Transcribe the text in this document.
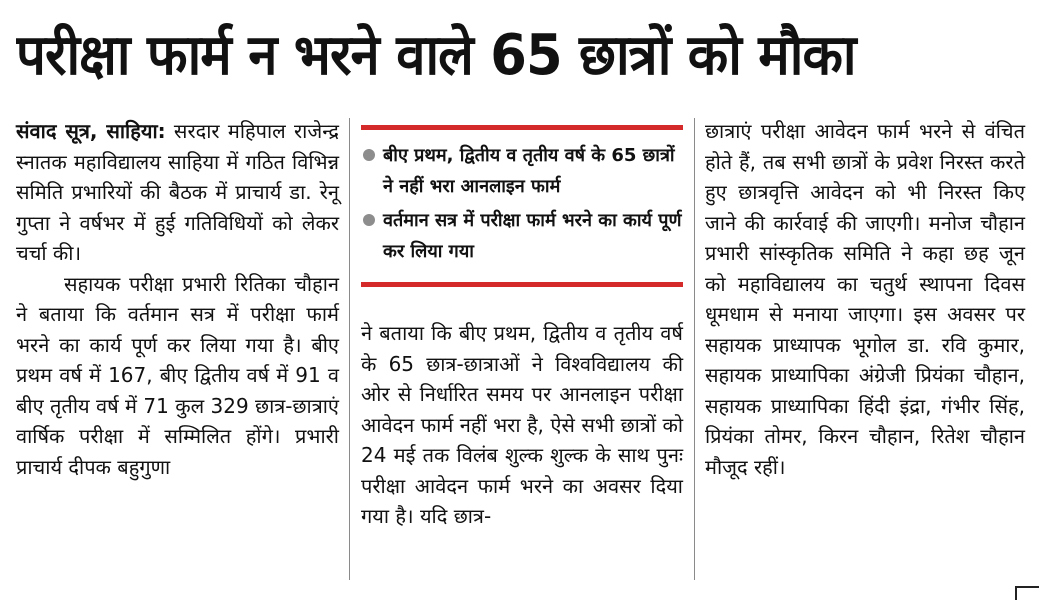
परीक्षा फार्म न भरने वाले 65 छात्रों को मौका

संवाद सूत्र, साहिया: सरदार महिपाल राजेन्द्र स्नातक महाविद्यालय साहिया में गठित विभिन्न समिति प्रभारियों की बैठक में प्राचार्य डा. रेनू गुप्ता ने वर्षभर में हुई गतिविधियों को लेकर चर्चा की।

सहायक परीक्षा प्रभारी रितिका चौहान ने बताया कि वर्तमान सत्र में परीक्षा फार्म भरने का कार्य पूर्ण कर लिया गया है। बीए प्रथम वर्ष में 167, बीए द्वितीय वर्ष में 91 व बीए तृतीय वर्ष में 71 कुल 329 छात्र-छात्राएं वार्षिक परीक्षा में सम्मिलित होंगे। प्रभारी प्राचार्य दीपक बहुगुणा

बीए प्रथम, द्वितीय व तृतीय वर्ष के 65 छात्रों ने नहीं भरा आनलाइन फार्म
वर्तमान सत्र में परीक्षा फार्म भरने का कार्य पूर्ण कर लिया गया

ने बताया कि बीए प्रथम, द्वितीय व तृतीय वर्ष के 65 छात्र-छात्राओं ने विश्वविद्यालय की ओर से निर्धारित समय पर आनलाइन परीक्षा आवेदन फार्म नहीं भरा है, ऐसे सभी छात्रों को 24 मई तक विलंब शुल्क शुल्क के साथ पुनः परीक्षा आवेदन फार्म भरने का अवसर दिया गया है। यदि छात्र-

छात्राएं परीक्षा आवेदन फार्म भरने से वंचित होते हैं, तब सभी छात्रों के प्रवेश निरस्त करते हुए छात्रवृत्ति आवेदन को भी निरस्त किए जाने की कार्रवाई की जाएगी। मनोज चौहान प्रभारी सांस्कृतिक समिति ने कहा छह जून को महाविद्यालय का चतुर्थ स्थापना दिवस धूमधाम से मनाया जाएगा। इस अवसर पर सहायक प्राध्यापक भूगोल डा. रवि कुमार, सहायक प्राध्यापिका अंग्रेजी प्रियंका चौहान, सहायक प्राध्यापिका हिंदी इंद्रा, गंभीर सिंह, प्रियंका तोमर, किरन चौहान, रितेश चौहान मौजूद रहीं।
